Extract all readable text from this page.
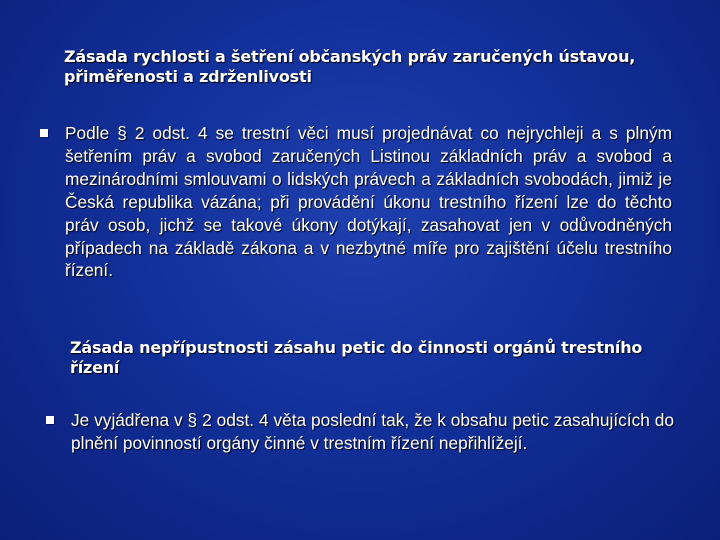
Zásada rychlosti a šetření občanských práv zaručených ústavou,
přiměřenosti a zdrženlivosti
Podle § 2 odst. 4 se trestní věci musí projednávat co nejrychleji a s plným šetřením práv a svobod zaručených Listinou základních práv a svobod a mezinárodními smlouvami o lidských právech a základních svobodách, jimiž je Česká republika vázána; při provádění úkonu trestního řízení lze do těchto práv osob, jichž se takové úkony dotýkají, zasahovat jen v odůvodněných případech na základě zákona a v nezbytné míře pro zajištění účelu trestního řízení.
Zásada nepřípustnosti zásahu petic do činnosti orgánů trestního
řízení
Je vyjádřena v § 2 odst. 4 věta poslední tak, že k obsahu petic zasahujících do plnění povinností orgány činné v trestním řízení nepřihlížejí.
